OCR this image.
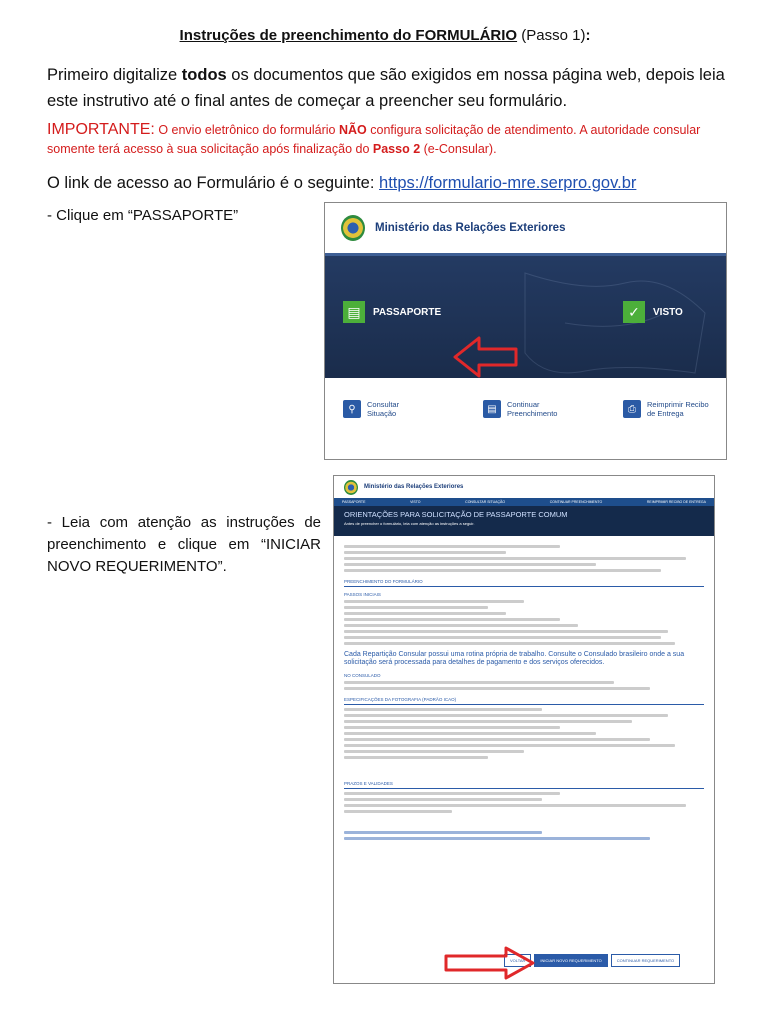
Instruções de preenchimento do FORMULÁRIO (Passo 1):
Primeiro digitalize todos os documentos que são exigidos em nossa página web, depois leia este instrutivo até o final antes de começar a preencher seu formulário.
IMPORTANTE: O envio eletrônico do formulário NÃO configura solicitação de atendimento. A autoridade consular somente terá acesso à sua solicitação após finalização do Passo 2 (e-Consular).
O link de acesso ao Formulário é o seguinte: https://formulario-mre.serpro.gov.br
- Clique em “PASSAPORTE”
Ministério das Relações Exteriores
▤	PASSAPORTE	✓	VISTO
⚲	Consultar Situação	▤	Continuar Preenchimento	⎙	Reimprimir Recibo de Entrega
- Leia com atenção as instruções de preenchimento e clique em “INICIAR NOVO REQUERIMENTO”.
Ministério das Relações Exteriores
PASSAPORTE	VISTO	CONSULTAR SITUAÇÃO	CONTINUAR PREENCHIMENTO	REIMPRIMIR RECIBO DE ENTREGA
ORIENTAÇÕES PARA SOLICITAÇÃO DE PASSAPORTE COMUM
Antes de preencher o formulário, leia com atenção as instruções a seguir.
PREENCHIMENTO DO FORMULÁRIO
PASSOS INICIAIS
Cada Repartição Consular possui uma rotina própria de trabalho. Consulte o Consulado brasileiro onde a sua solicitação será processada para detalhes de pagamento e dos serviços oferecidos.
NO CONSULADO
ESPECIFICAÇÕES DA FOTOGRAFIA (PADRÃO ICAO)
PRAZOS E VALIDADES
VOLTAR	INICIAR NOVO REQUERIMENTO	CONTINUAR REQUERIMENTO
